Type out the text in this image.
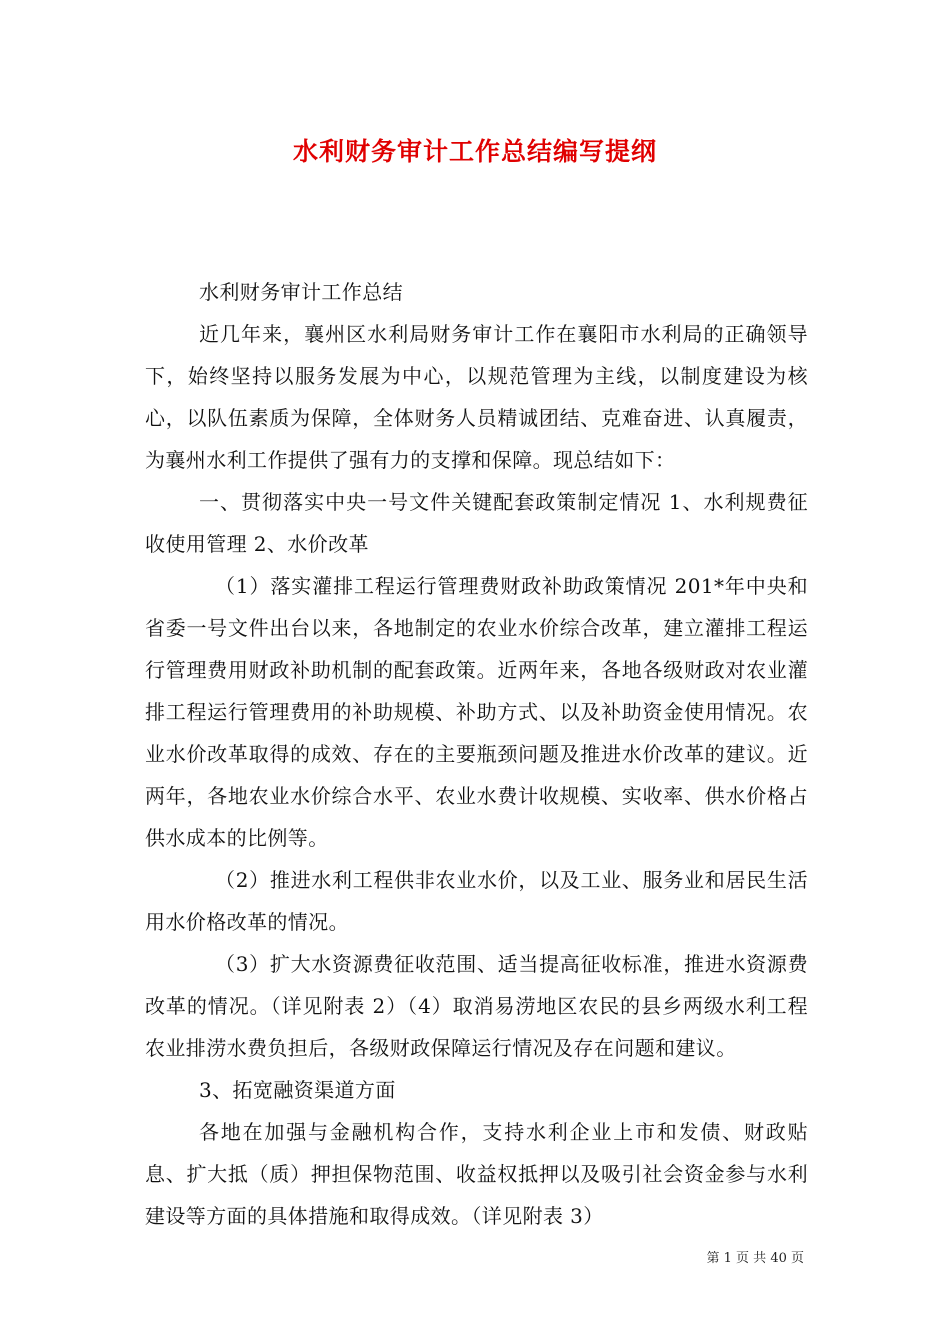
水利财务审计工作总结编写提纲

水利财务审计工作总结

近几年来，襄州区水利局财务审计工作在襄阳市水利局的正确领导下，始终坚持以服务发展为中心，以规范管理为主线，以制度建设为核心，以队伍素质为保障，全体财务人员精诚团结、克难奋进、认真履责，为襄州水利工作提供了强有力的支撑和保障。现总结如下：

一、贯彻落实中央一号文件关键配套政策制定情况 1、水利规费征收使用管理 2、水价改革

（1）落实灌排工程运行管理费财政补助政策情况 201*年中央和省委一号文件出台以来，各地制定的农业水价综合改革，建立灌排工程运行管理费用财政补助机制的配套政策。近两年来，各地各级财政对农业灌排工程运行管理费用的补助规模、补助方式、以及补助资金使用情况。农业水价改革取得的成效、存在的主要瓶颈问题及推进水价改革的建议。近两年，各地农业水价综合水平、农业水费计收规模、实收率、供水价格占供水成本的比例等。

（2）推进水利工程供非农业水价，以及工业、服务业和居民生活用水价格改革的情况。

（3）扩大水资源费征收范围、适当提高征收标准，推进水资源费改革的情况。（详见附表 2）（4）取消易涝地区农民的县乡两级水利工程农业排涝水费负担后，各级财政保障运行情况及存在问题和建议。

3、拓宽融资渠道方面

各地在加强与金融机构合作，支持水利企业上市和发债、财政贴息、扩大抵（质）押担保物范围、收益权抵押以及吸引社会资金参与水利建设等方面的具体措施和取得成效。（详见附表 3）

第 1 页 共 40 页
